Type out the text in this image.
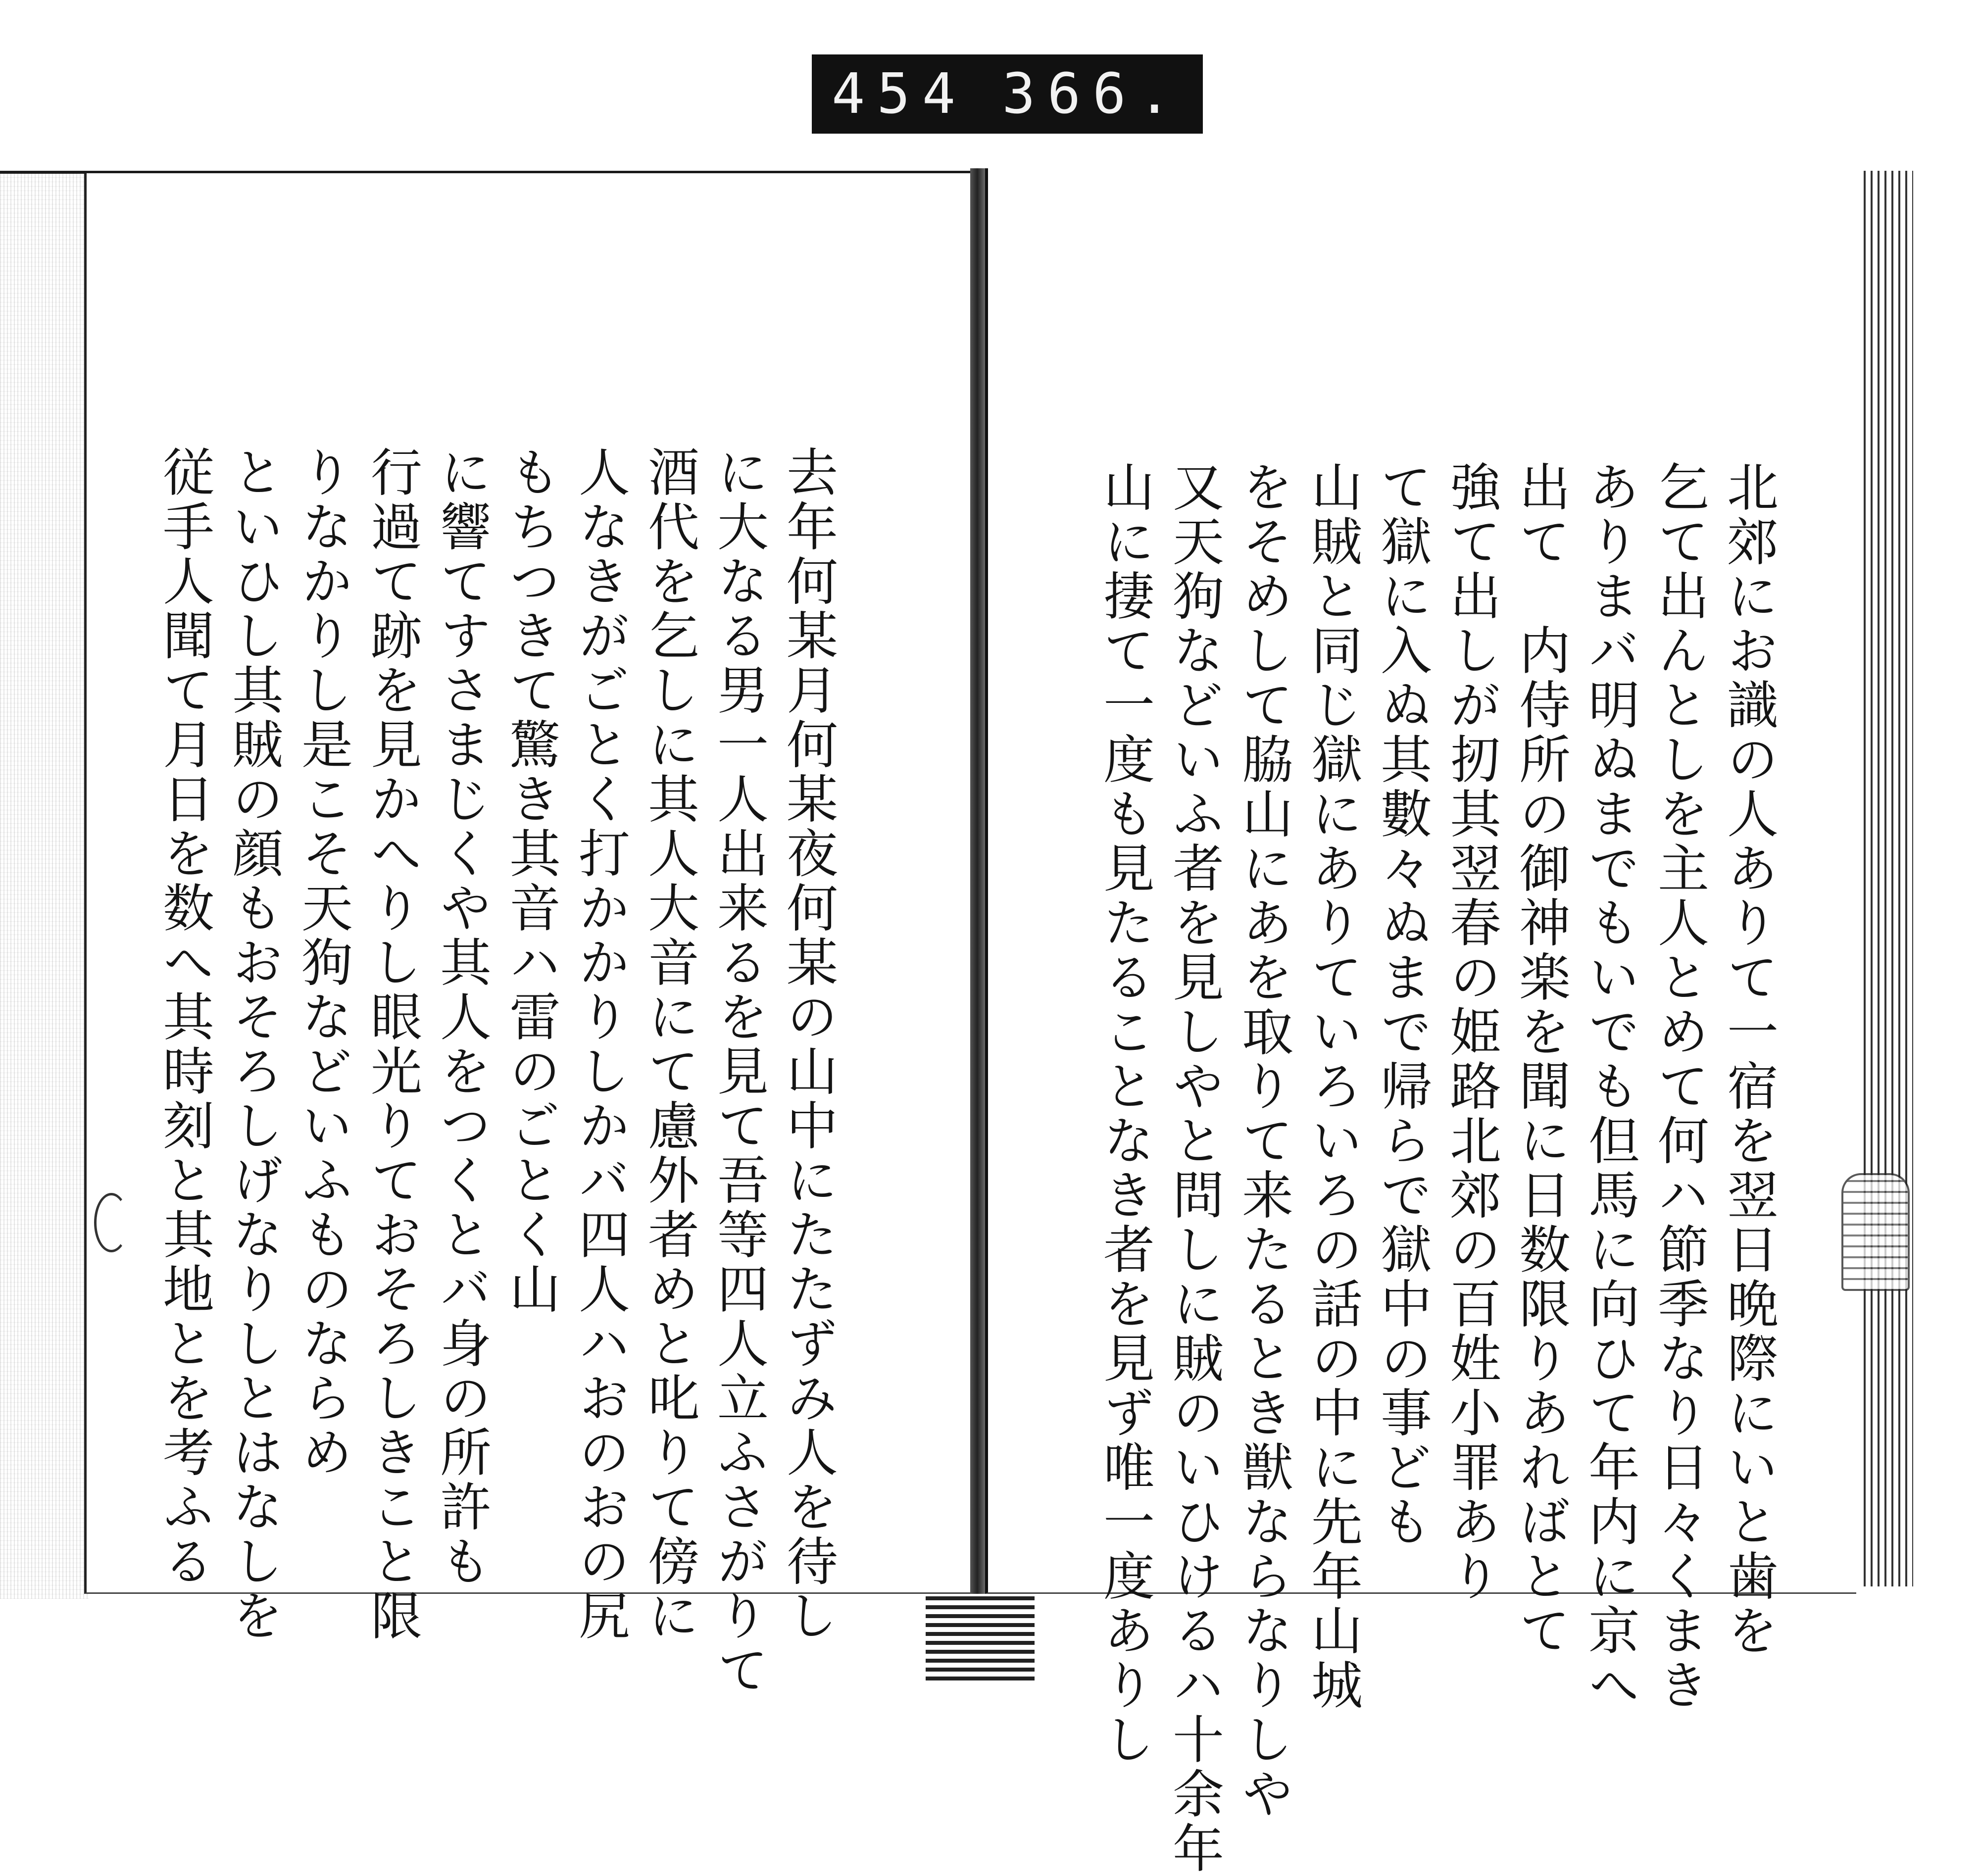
454 366.
北郊にお識の人ありて一宿を翌日晩際にいと歯を
乞て出んとしを主人とめて何ハ節季なり日々くまき
ありまバ明ぬまでもいでも但馬に向ひて年内に京へ
出て　内侍所の御神楽を聞に日数限りあればとて
強て出しが扨其翌春の姫路北郊の百姓小罪あり
て獄に入ぬ其數々ぬまで帰らで獄中の事ども
山賊と同じ獄にありていろいろの話の中に先年山城
をそめして脇山にあを取りて来たるとき獣ならなりしや
又天狗などいふ者を見しやと問しに賊のいひけるハ十余年
山に捿て一度も見たることなき者を見ず唯一度ありし
去年何某月何某夜何某の山中にたたずみ人を待し
に大なる男一人出来るを見て吾等四人立ふさがりて
酒代を乞しに其人大音にて慮外者めと叱りて傍に
人なきがごとく打かかりしかバ四人ハおのおの尻
もちつきて驚き其音ハ雷のごとく山
に響てすさまじくや其人をつくとバ身の所許も
行過て跡を見かへりし眼光りておそろしきこと限
りなかりし是こそ天狗などいふものならめ
といひし其賊の顔もおそろしげなりしとはなしを
従手人聞て月日を数へ其時刻と其地とを考ふる
